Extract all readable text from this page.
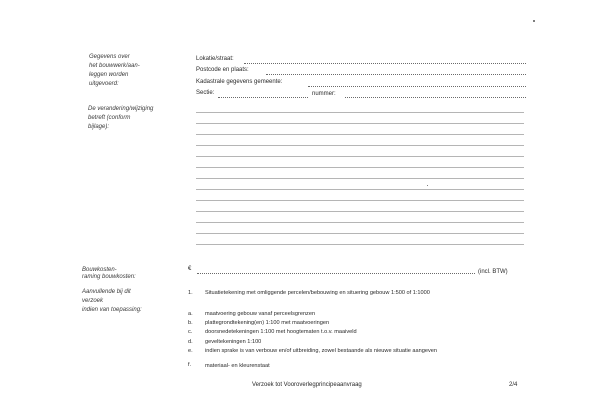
Gegevens over
het bouwwerk/aan-
leggen worden
uitgevoerd:
De verandering/wijziging
betreft (conform
bijlage):
Bouwkosten-
raming bouwkosten:
Aanvullende bij dit
verzoek
indien van toepassing:
Lokatie/straat:
Postcode en plaats:
Kadastrale gegevens gemeente:
Sectie:	nummer:
€	(incl. BTW)
1. Situatietekening met omliggende percelen/bebouwing en situering gebouw 1:500 of 1:1000
a. maatvoering gebouw vanaf perceelsgrenzen
b. plattegrondtekening(en) 1:100 met maatvoeringen
c. doorsnedetekeningen 1:100 met hoogtematen t.o.v. maaiveld
d. geveltekeningen 1:100
e. indien sprake is van verbouw en/of uitbreiding, zowel bestaande als nieuwe situatie aangeven
f. materiaal- en kleurenstaat
Verzoek tot Vooroverlegprincipeaanvraag	2/4
